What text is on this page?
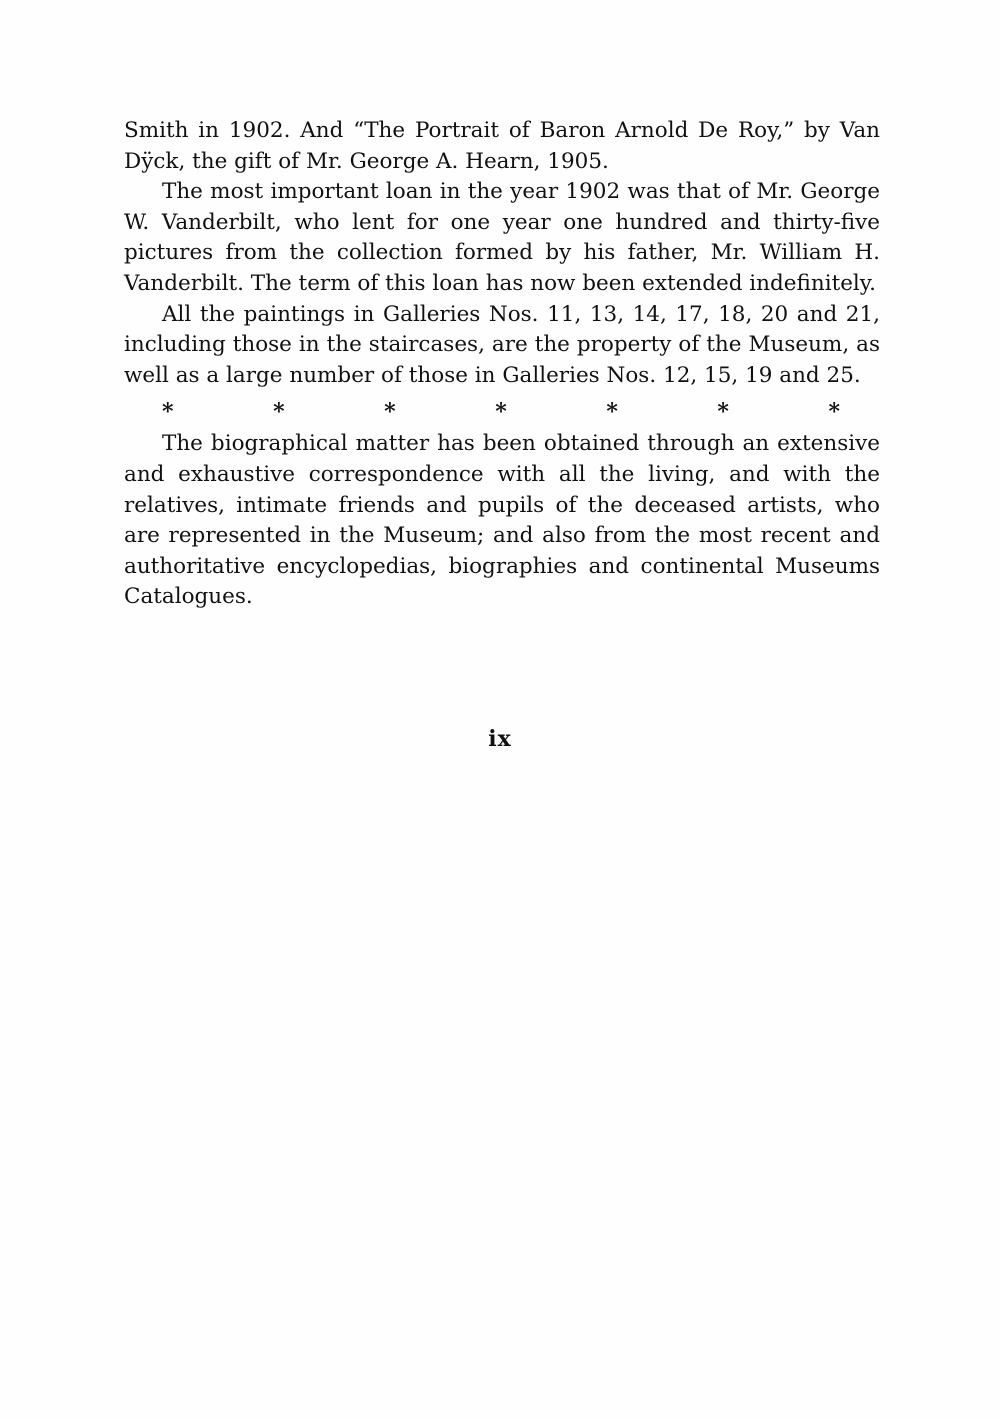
Smith in 1902. And “The Portrait of Baron Arnold De Roy,” by Van Dÿck, the gift of Mr. George A. Hearn, 1905.

The most important loan in the year 1902 was that of Mr. George W. Vanderbilt, who lent for one year one hundred and thirty-five pictures from the collection formed by his father, Mr. William H. Vanderbilt. The term of this loan has now been extended indefinitely.

All the paintings in Galleries Nos. 11, 13, 14, 17, 18, 20 and 21, including those in the staircases, are the property of the Museum, as well as a large number of those in Galleries Nos. 12, 15, 19 and 25.

*	*	*	*	*	*	*

The biographical matter has been obtained through an extensive and exhaustive correspondence with all the living, and with the relatives, intimate friends and pupils of the deceased artists, who are represented in the Museum; and also from the most recent and authoritative encyclopedias, biographies and continental Museums Catalogues.

ix
